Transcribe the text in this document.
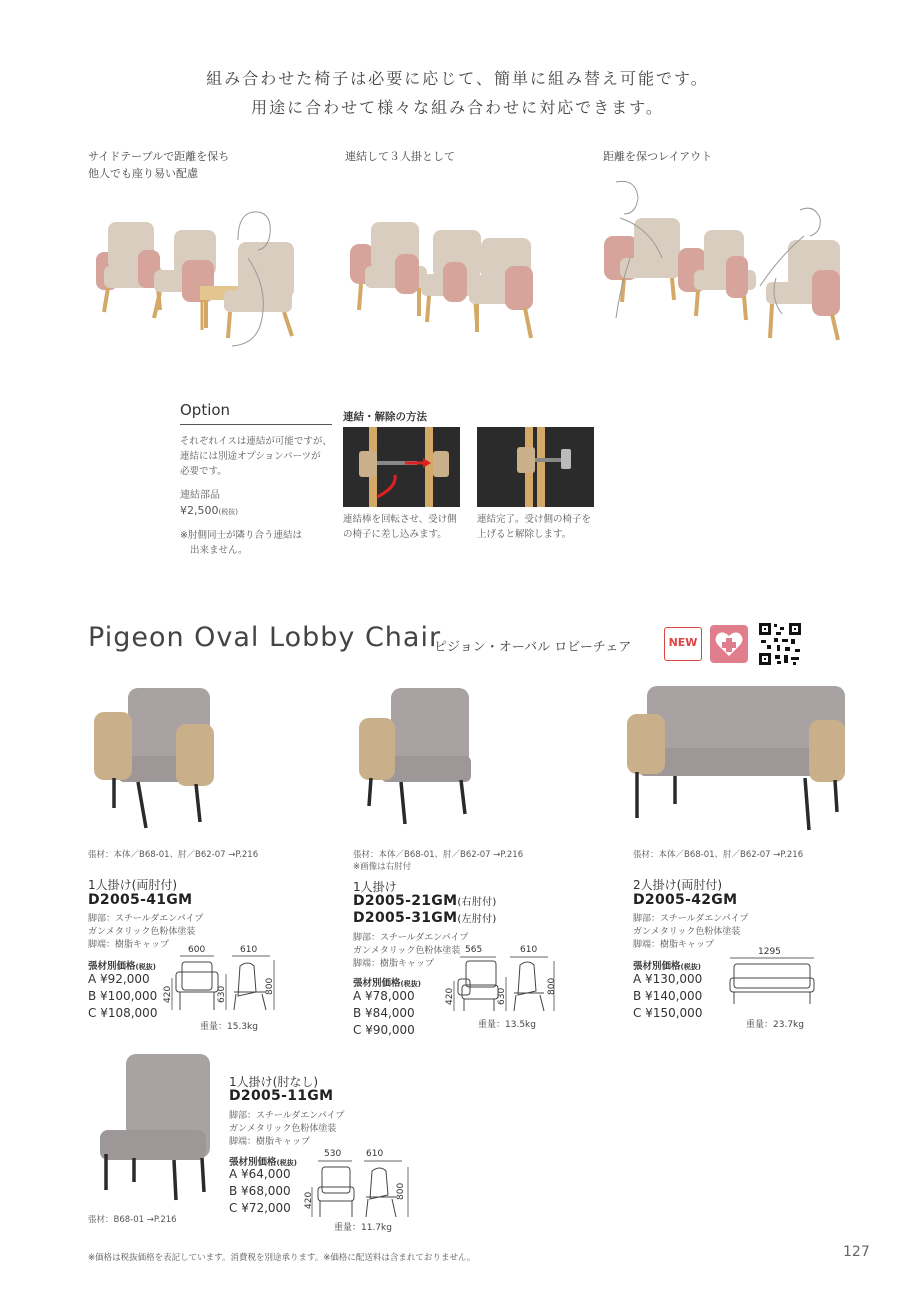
組み合わせた椅子は必要に応じて、簡単に組み替え可能です。
用途に合わせて様々な組み合わせに対応できます。
サイドテーブルで距離を保ち
他人でも座り易い配慮
連結して３人掛として	距離を保つレイアウト
Option
それぞれイスは連結が可能ですが、
連結には別途オプションパーツが
必要です。
連結部品
¥2,500(税抜)
※肘側同士が隣り合う連結は
出来ません。
連結・解除の方法
連結棒を回転させ、受け側
の椅子に差し込みます。
連結完了。受け側の椅子を
上げると解除します。
Pigeon Oval Lobby Chair
ピジョン・オーバル ロビーチェア	NEW
張材：本体／B68-01、肘／B62-07 →P.216
1人掛け(両肘付)
D2005-41GM
脚部：スチールダエンパイプ
ガンメタリック色粉体塗装
脚端：樹脂キャップ
張材別価格(税抜)
A ¥92,000
B ¥100,000
C ¥108,000
600	610
420	630	800
重量：15.3kg
張材：本体／B68-01、肘／B62-07 →P.216
※画像は右肘付
1人掛け
D2005-21GM(右肘付)
D2005-31GM(左肘付)
脚部：スチールダエンパイプ
ガンメタリック色粉体塗装
脚端：樹脂キャップ
張材別価格(税抜)
A ¥78,000
B ¥84,000
C ¥90,000
565	610
420	630
800
重量：13.5kg
張材：本体／B68-01、肘／B62-07 →P.216
2人掛け(両肘付)
D2005-42GM
脚部：スチールダエンパイプ
ガンメタリック色粉体塗装
脚端：樹脂キャップ
張材別価格(税抜)
A ¥130,000
B ¥140,000
C ¥150,000
1295
重量：23.7kg
1人掛け(肘なし)
D2005-11GM
脚部：スチールダエンパイプ
ガンメタリック色粉体塗装
脚端：樹脂キャップ
張材別価格(税抜)
A ¥64,000
B ¥68,000
C ¥72,000
530	610
420
800
重量：11.7kg
張材：B68-01 →P.216
※価格は税抜価格を表記しています。消費税を別途承ります。※価格に配送料は含まれておりません。	127
